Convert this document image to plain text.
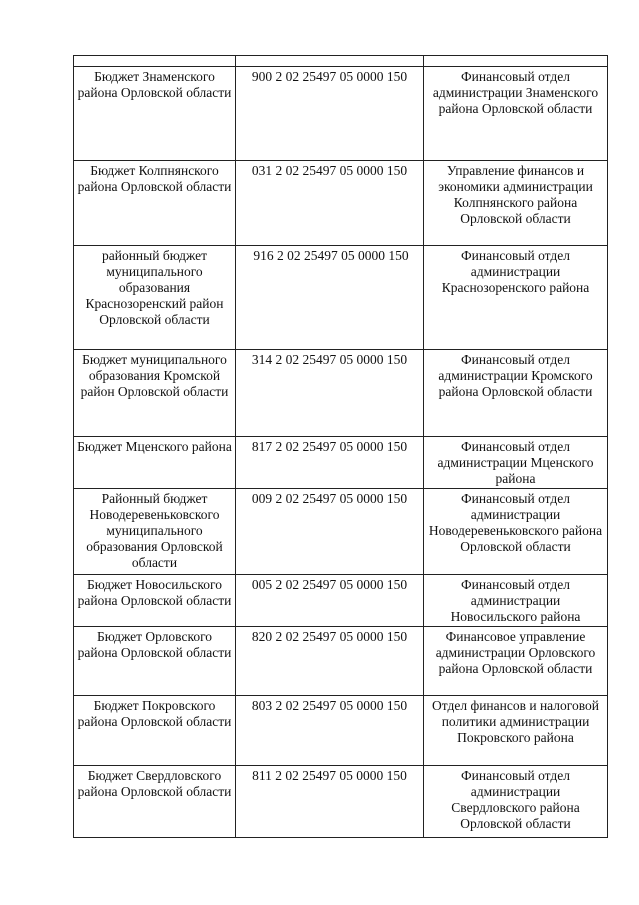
Бюджет Знаменского района Орловской области	900 2 02 25497 05 0000 150	Финансовый отдел администрации Знаменского района Орловской области
Бюджет Колпнянского района Орловской области	031 2 02 25497 05 0000 150	Управление финансов и экономики администрации Колпнянского района Орловской области
районный бюджет муниципального образования Краснозоренский район Орловской области	916 2 02 25497 05 0000 150	Финансовый отдел администрации Краснозоренского района
Бюджет муниципального образования Кромской район Орловской области	314 2 02 25497 05 0000 150	Финансовый отдел администрации Кромского района Орловской области
Бюджет Мценского района	817 2 02 25497 05 0000 150	Финансовый отдел администрации Мценского района
Районный бюджет Новодеревеньковского муниципального образования Орловской области	009 2 02 25497 05 0000 150	Финансовый отдел администрации Новодеревеньковского района Орловской области
Бюджет Новосильского района Орловской области	005 2 02 25497 05 0000 150	Финансовый отдел администрации Новосильского района
Бюджет Орловского района Орловской области	820 2 02 25497 05 0000 150	Финансовое управление администрации Орловского района Орловской области
Бюджет Покровского района Орловской области	803 2 02 25497 05 0000 150	Отдел финансов и налоговой политики администрации Покровского района
Бюджет Свердловского района Орловской области	811 2 02 25497 05 0000 150	Финансовый отдел администрации Свердловского района Орловской области
